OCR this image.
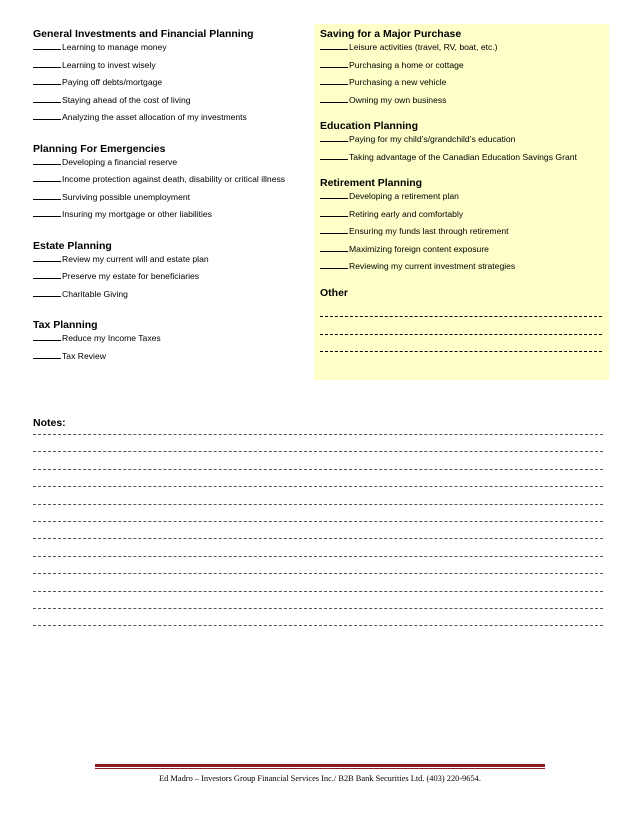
General Investments and Financial Planning
Learning to manage money
Learning to invest wisely
Paying off debts/mortgage
Staying ahead of the cost of living
Analyzing the asset allocation of my investments
Planning For Emergencies
Developing a financial reserve
Income protection against death, disability or critical illness
Surviving possible unemployment
Insuring my mortgage or other liabilities
Estate Planning
Review my current will and estate plan
Preserve my estate for beneficiaries
Charitable Giving
Tax Planning
Reduce my Income Taxes
Tax Review
Saving for a Major Purchase
Leisure activities (travel, RV, boat, etc.)
Purchasing a home or cottage
Purchasing a new vehicle
Owning my own business
Education Planning
Paying for my child’s/grandchild’s education
Taking advantage of the Canadian Education Savings Grant
Retirement Planning
Developing a retirement plan
Retiring early and comfortably
Ensuring my funds last through retirement
Maximizing foreign content exposure
Reviewing my current investment strategies
Other
Notes:
Ed Madro – Investors Group Financial Services Inc./ B2B Bank Securities Ltd. (403) 220-9654.
